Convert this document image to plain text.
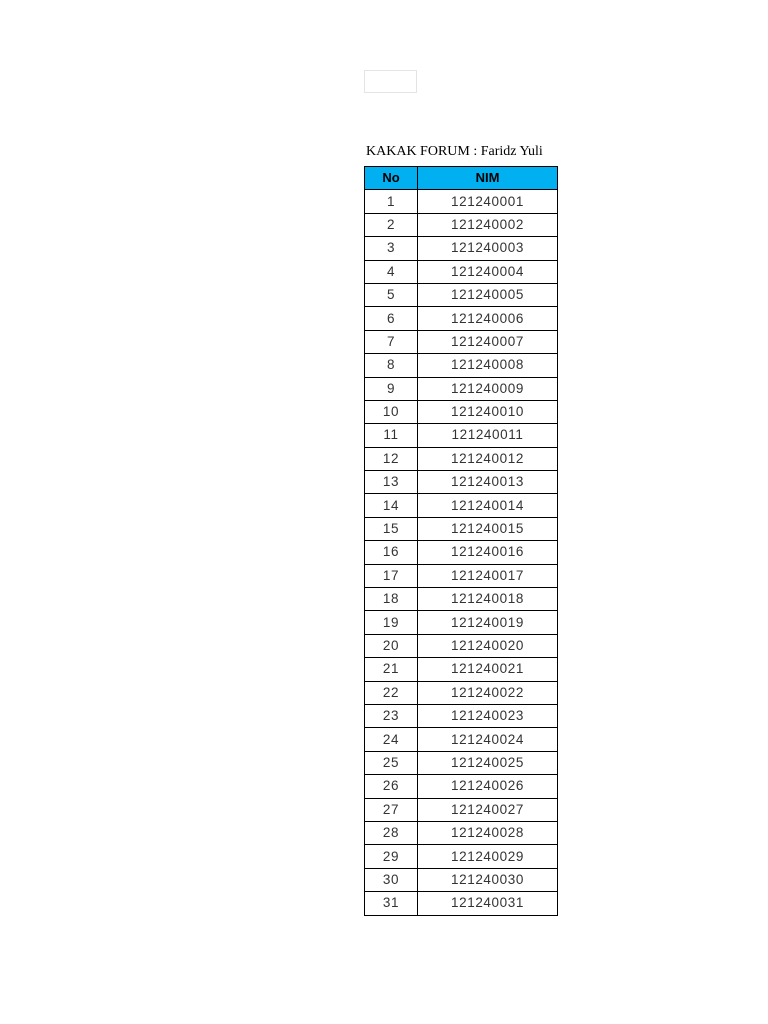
KAKAK FORUM : Faridz Yuli
No	NIM
1	121240001
2	121240002
3	121240003
4	121240004
5	121240005
6	121240006
7	121240007
8	121240008
9	121240009
10	121240010
11	121240011
12	121240012
13	121240013
14	121240014
15	121240015
16	121240016
17	121240017
18	121240018
19	121240019
20	121240020
21	121240021
22	121240022
23	121240023
24	121240024
25	121240025
26	121240026
27	121240027
28	121240028
29	121240029
30	121240030
31	121240031
